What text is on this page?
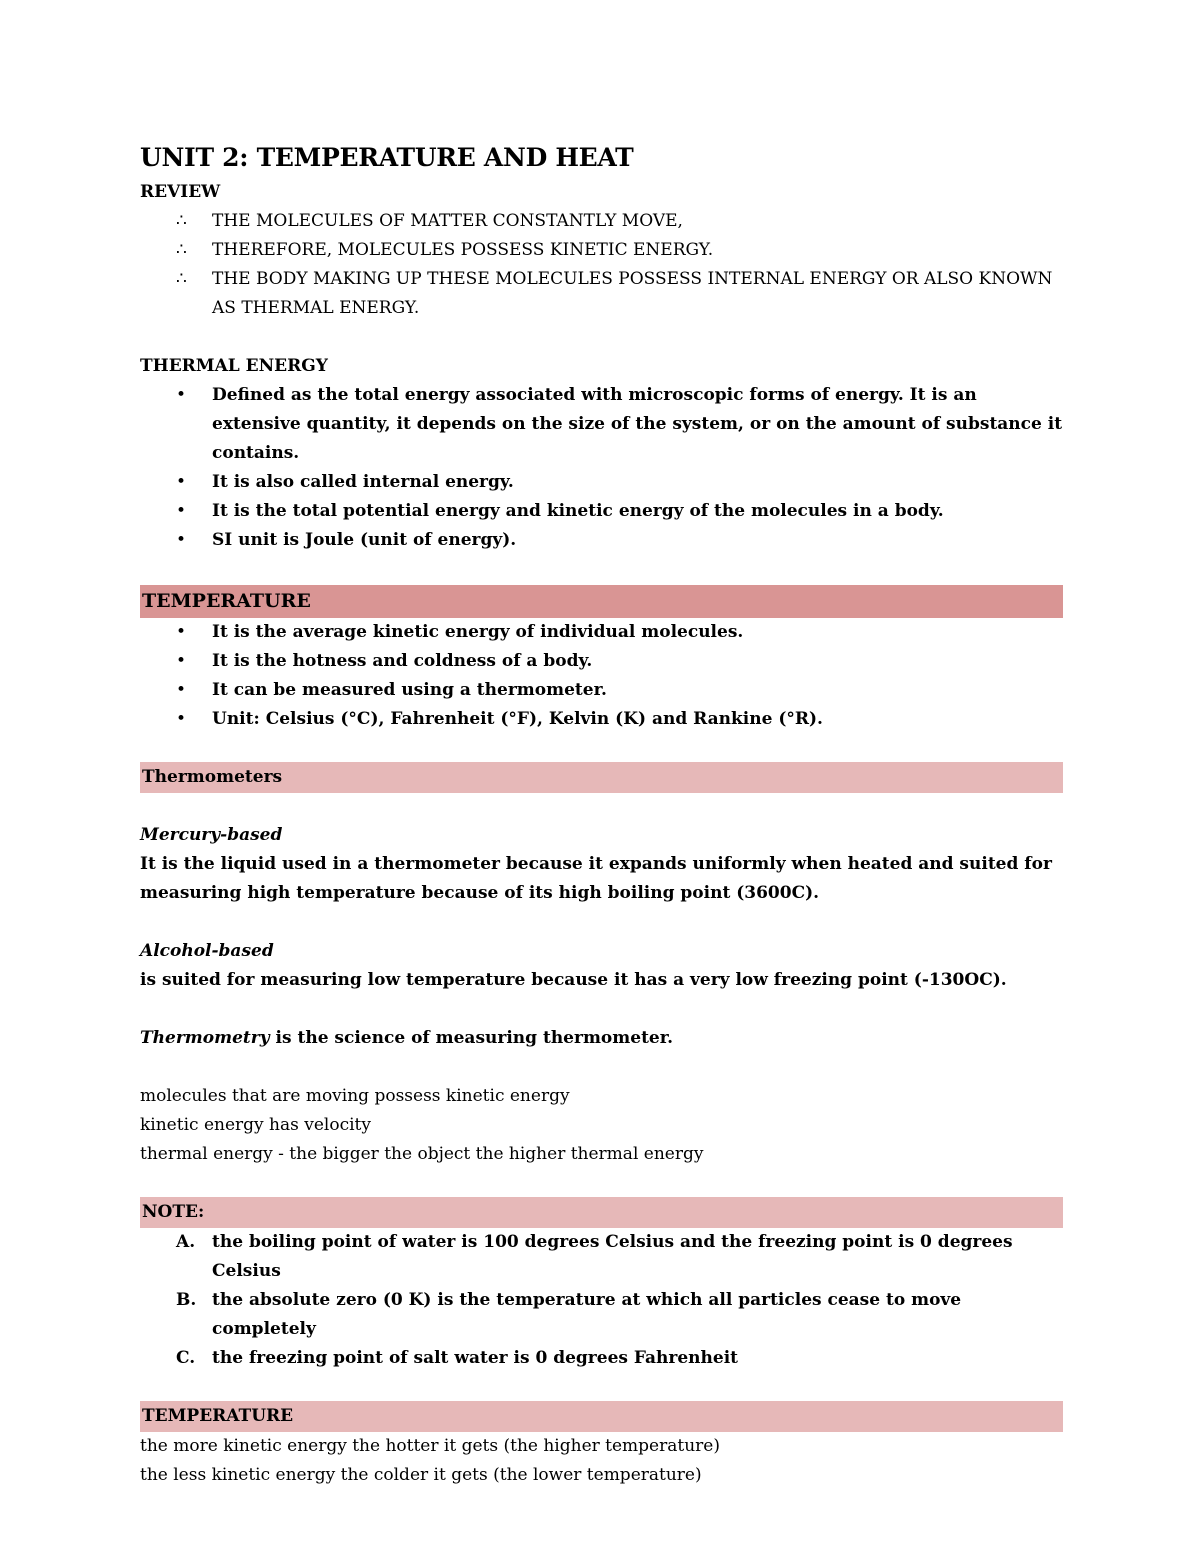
UNIT 2: TEMPERATURE AND HEAT
REVIEW
∴ THE MOLECULES OF MATTER CONSTANTLY MOVE,
∴ THEREFORE, MOLECULES POSSESS KINETIC ENERGY.
∴ THE BODY MAKING UP THESE MOLECULES POSSESS INTERNAL ENERGY OR ALSO KNOWN AS THERMAL ENERGY.
THERMAL ENERGY
• Defined as the total energy associated with microscopic forms of energy. It is an extensive quantity, it depends on the size of the system, or on the amount of substance it contains.
• It is also called internal energy.
• It is the total potential energy and kinetic energy of the molecules in a body.
• SI unit is Joule (unit of energy).
TEMPERATURE
• It is the average kinetic energy of individual molecules.
• It is the hotness and coldness of a body.
• It can be measured using a thermometer.
• Unit: Celsius (°C), Fahrenheit (°F), Kelvin (K) and Rankine (°R).
Thermometers
Mercury-based
It is the liquid used in a thermometer because it expands uniformly when heated and suited for measuring high temperature because of its high boiling point (3600C).
Alcohol-based
is suited for measuring low temperature because it has a very low freezing point (-130OC).
Thermometry is the science of measuring thermometer.
molecules that are moving possess kinetic energy
kinetic energy has velocity
thermal energy - the bigger the object the higher thermal energy
NOTE:
A. the boiling point of water is 100 degrees Celsius and the freezing point is 0 degrees Celsius
B. the absolute zero (0 K) is the temperature at which all particles cease to move completely
C. the freezing point of salt water is 0 degrees Fahrenheit
TEMPERATURE
the more kinetic energy the hotter it gets (the higher temperature)
the less kinetic energy the colder it gets (the lower temperature)
